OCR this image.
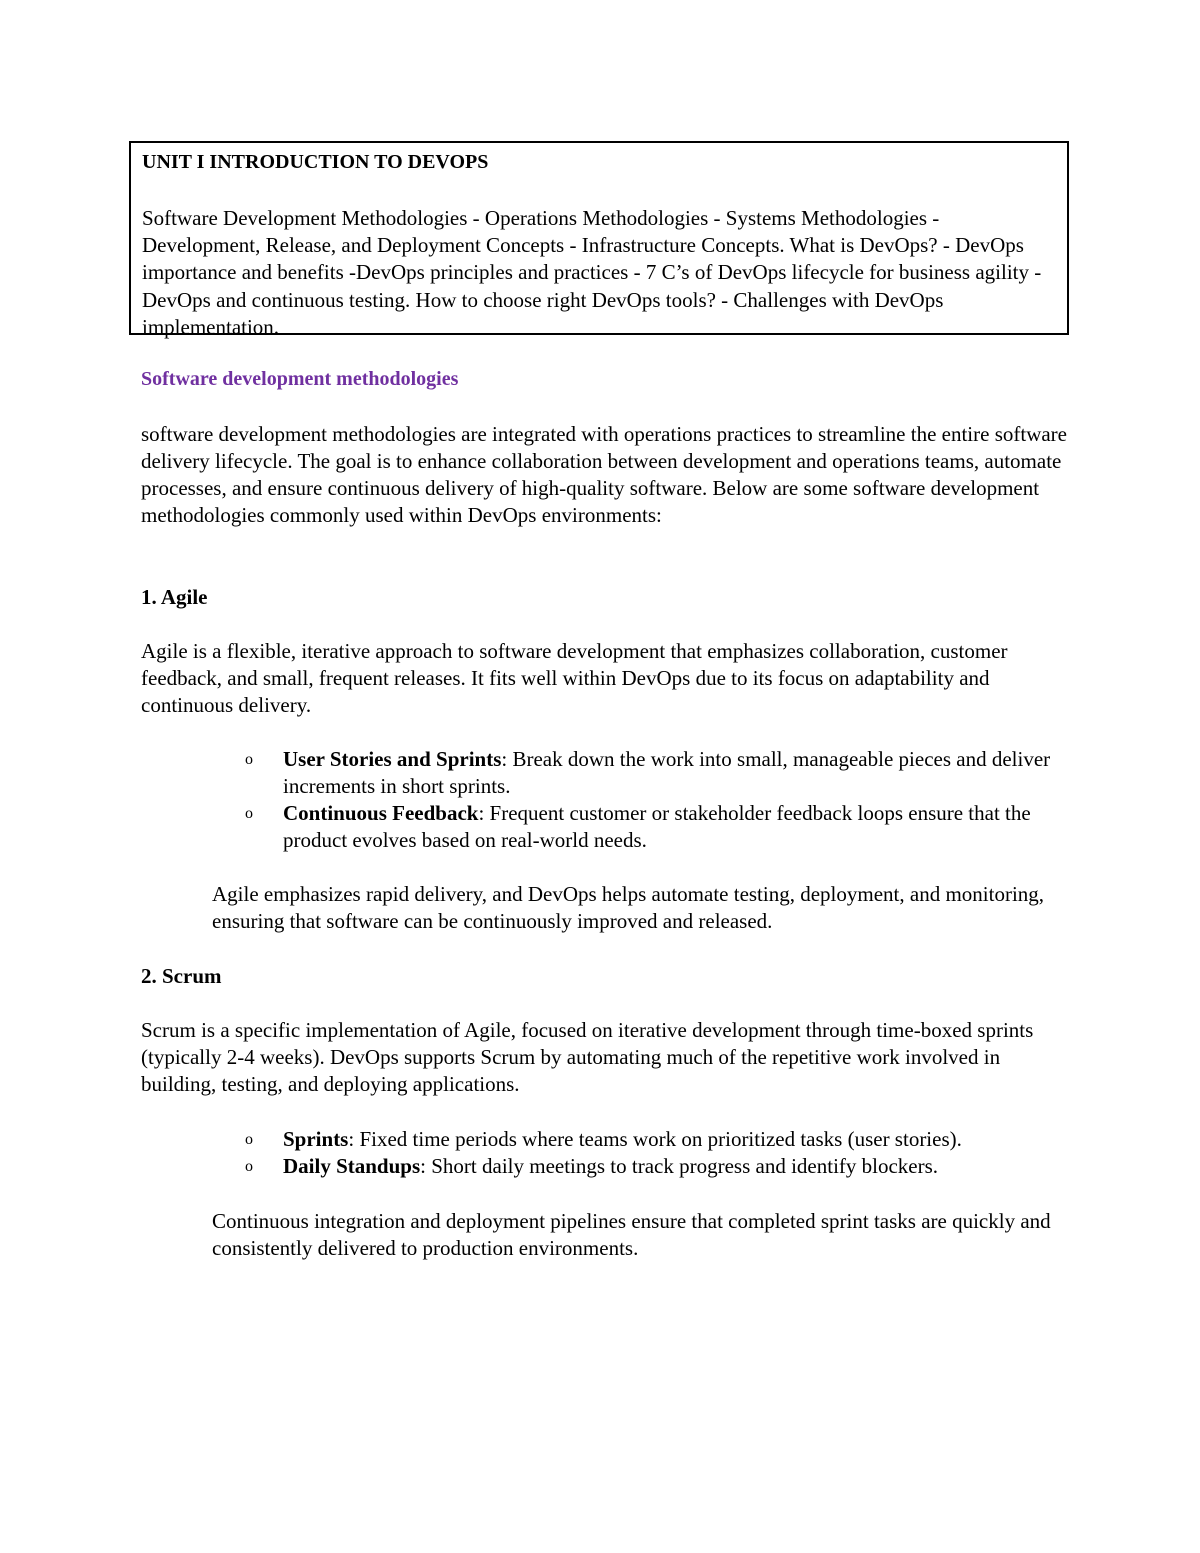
UNIT I INTRODUCTION TO DEVOPS

Software Development Methodologies - Operations Methodologies - Systems Methodologies - Development, Release, and Deployment Concepts - Infrastructure Concepts. What is DevOps? - DevOps importance and benefits -DevOps principles and practices - 7 C’s of DevOps lifecycle for business agility - DevOps and continuous testing. How to choose right DevOps tools? - Challenges with DevOps implementation.

Software development methodologies

software development methodologies are integrated with operations practices to streamline the entire software delivery lifecycle. The goal is to enhance collaboration between development and operations teams, automate processes, and ensure continuous delivery of high-quality software. Below are some software development methodologies commonly used within DevOps environments:

1. Agile

Agile is a flexible, iterative approach to software development that emphasizes collaboration, customer feedback, and small, frequent releases. It fits well within DevOps due to its focus on adaptability and continuous delivery.

o User Stories and Sprints: Break down the work into small, manageable pieces and deliver increments in short sprints.
o Continuous Feedback: Frequent customer or stakeholder feedback loops ensure that the product evolves based on real-world needs.

Agile emphasizes rapid delivery, and DevOps helps automate testing, deployment, and monitoring, ensuring that software can be continuously improved and released.

2. Scrum

Scrum is a specific implementation of Agile, focused on iterative development through time-boxed sprints (typically 2-4 weeks). DevOps supports Scrum by automating much of the repetitive work involved in building, testing, and deploying applications.

o Sprints: Fixed time periods where teams work on prioritized tasks (user stories).
o Daily Standups: Short daily meetings to track progress and identify blockers.

Continuous integration and deployment pipelines ensure that completed sprint tasks are quickly and consistently delivered to production environments.
